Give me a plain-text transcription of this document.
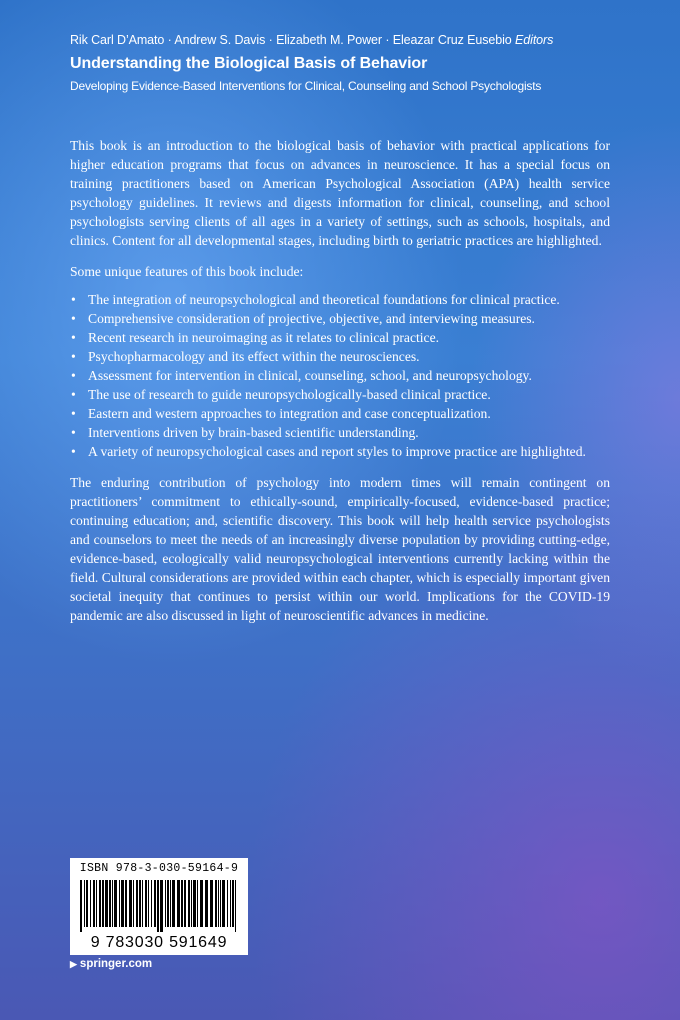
Rik Carl D’Amato · Andrew S. Davis · Elizabeth M. Power · Eleazar Cruz Eusebio Editors
Understanding the Biological Basis of Behavior
Developing Evidence-Based Interventions for Clinical, Counseling and School Psychologists

This book is an introduction to the biological basis of behavior with practical applications for higher education programs that focus on advances in neuroscience. It has a special focus on training practitioners based on American Psychological Association (APA) health service psychology guidelines. It reviews and digests information for clinical, counseling, and school psychologists serving clients of all ages in a variety of settings, such as schools, hospitals, and clinics. Content for all developmental stages, including birth to geriatric practices are highlighted.

Some unique features of this book include:

• The integration of neuropsychological and theoretical foundations for clinical practice.
• Comprehensive consideration of projective, objective, and interviewing measures.
• Recent research in neuroimaging as it relates to clinical practice.
• Psychopharmacology and its effect within the neurosciences.
• Assessment for intervention in clinical, counseling, school, and neuropsychology.
• The use of research to guide neuropsychologically-based clinical practice.
• Eastern and western approaches to integration and case conceptualization.
• Interventions driven by brain-based scientific understanding.
• A variety of neuropsychological cases and report styles to improve practice are highlighted.

The enduring contribution of psychology into modern times will remain contingent on practitioners’ commitment to ethically-sound, empirically-focused, evidence-based practice; continuing education; and, scientific discovery. This book will help health service psychologists and counselors to meet the needs of an increasingly diverse population by providing cutting-edge, evidence-based, ecologically valid neuropsychological interventions currently lacking within the field. Cultural considerations are provided within each chapter, which is especially important given societal inequity that continues to persist within our world. Implications for the COVID-19 pandemic are also discussed in light of neuroscientific advances in medicine.

ISBN 978-3-030-59164-9
9 783030 591649
▶ springer.com
